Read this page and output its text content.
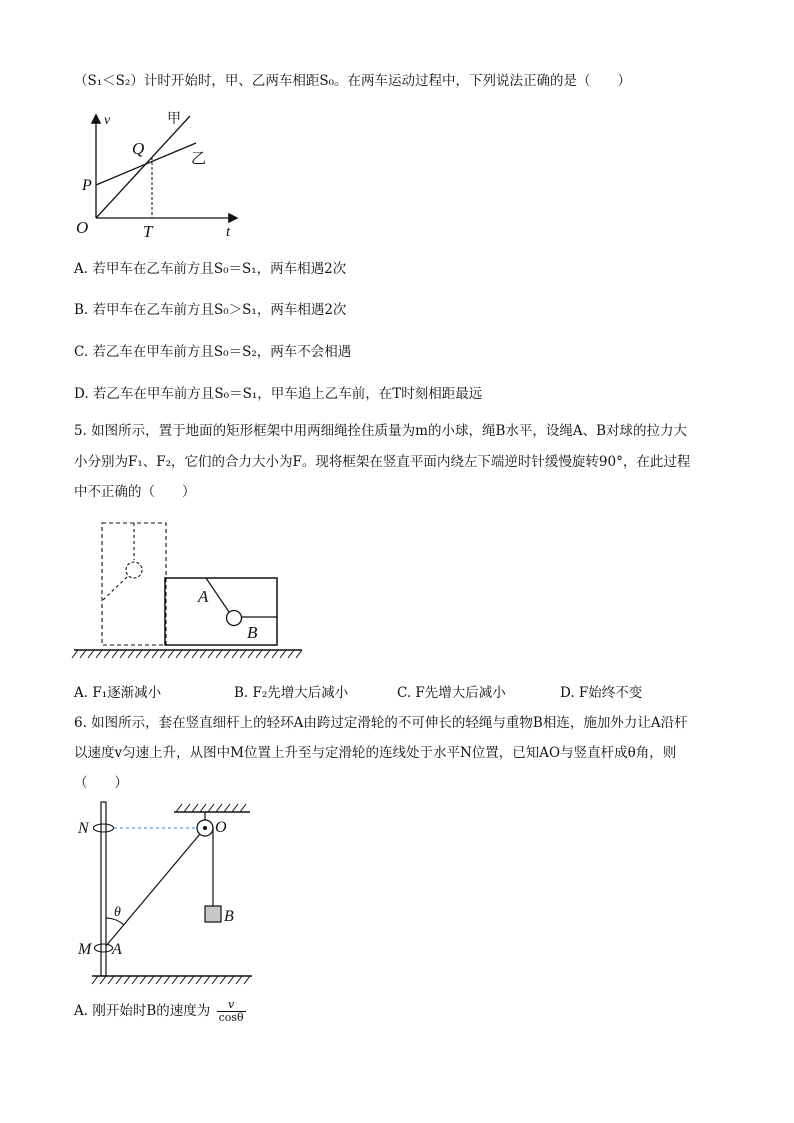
（S₁＜S₂）计时开始时，甲、乙两车相距S₀。在两车运动过程中，下列说法正确的是（　　）
v
t
O
P
Q
T
甲
乙
A. 若甲车在乙车前方且S₀＝S₁，两车相遇2次
B. 若甲车在乙车前方且S₀＞S₁，两车相遇2次
C. 若乙车在甲车前方且S₀＝S₂，两车不会相遇
D. 若乙车在甲车前方且S₀＝S₁，甲车追上乙车前，在T时刻相距最远
5. 如图所示，置于地面的矩形框架中用两细绳拴住质量为m的小球，绳B水平，设绳A、B对球的拉力大
小分别为F₁、F₂，它们的合力大小为F。现将框架在竖直平面内绕左下端逆时针缓慢旋转90°，在此过程
中不正确的（　　）
A
B
A. F₁逐渐减小	B. F₂先增大后减小	C. F先增大后减小	D. F始终不变
6. 如图所示，套在竖直细杆上的轻环A由跨过定滑轮的不可伸长的轻绳与重物B相连，施加外力让A沿杆
以速度v匀速上升，从图中M位置上升至与定滑轮的连线处于水平N位置，已知AO与竖直杆成θ角，则
（　　）
N	O
θ	B
M A
A. 刚开始时B的速度为 $\frac{v}{\cos\theta}$
